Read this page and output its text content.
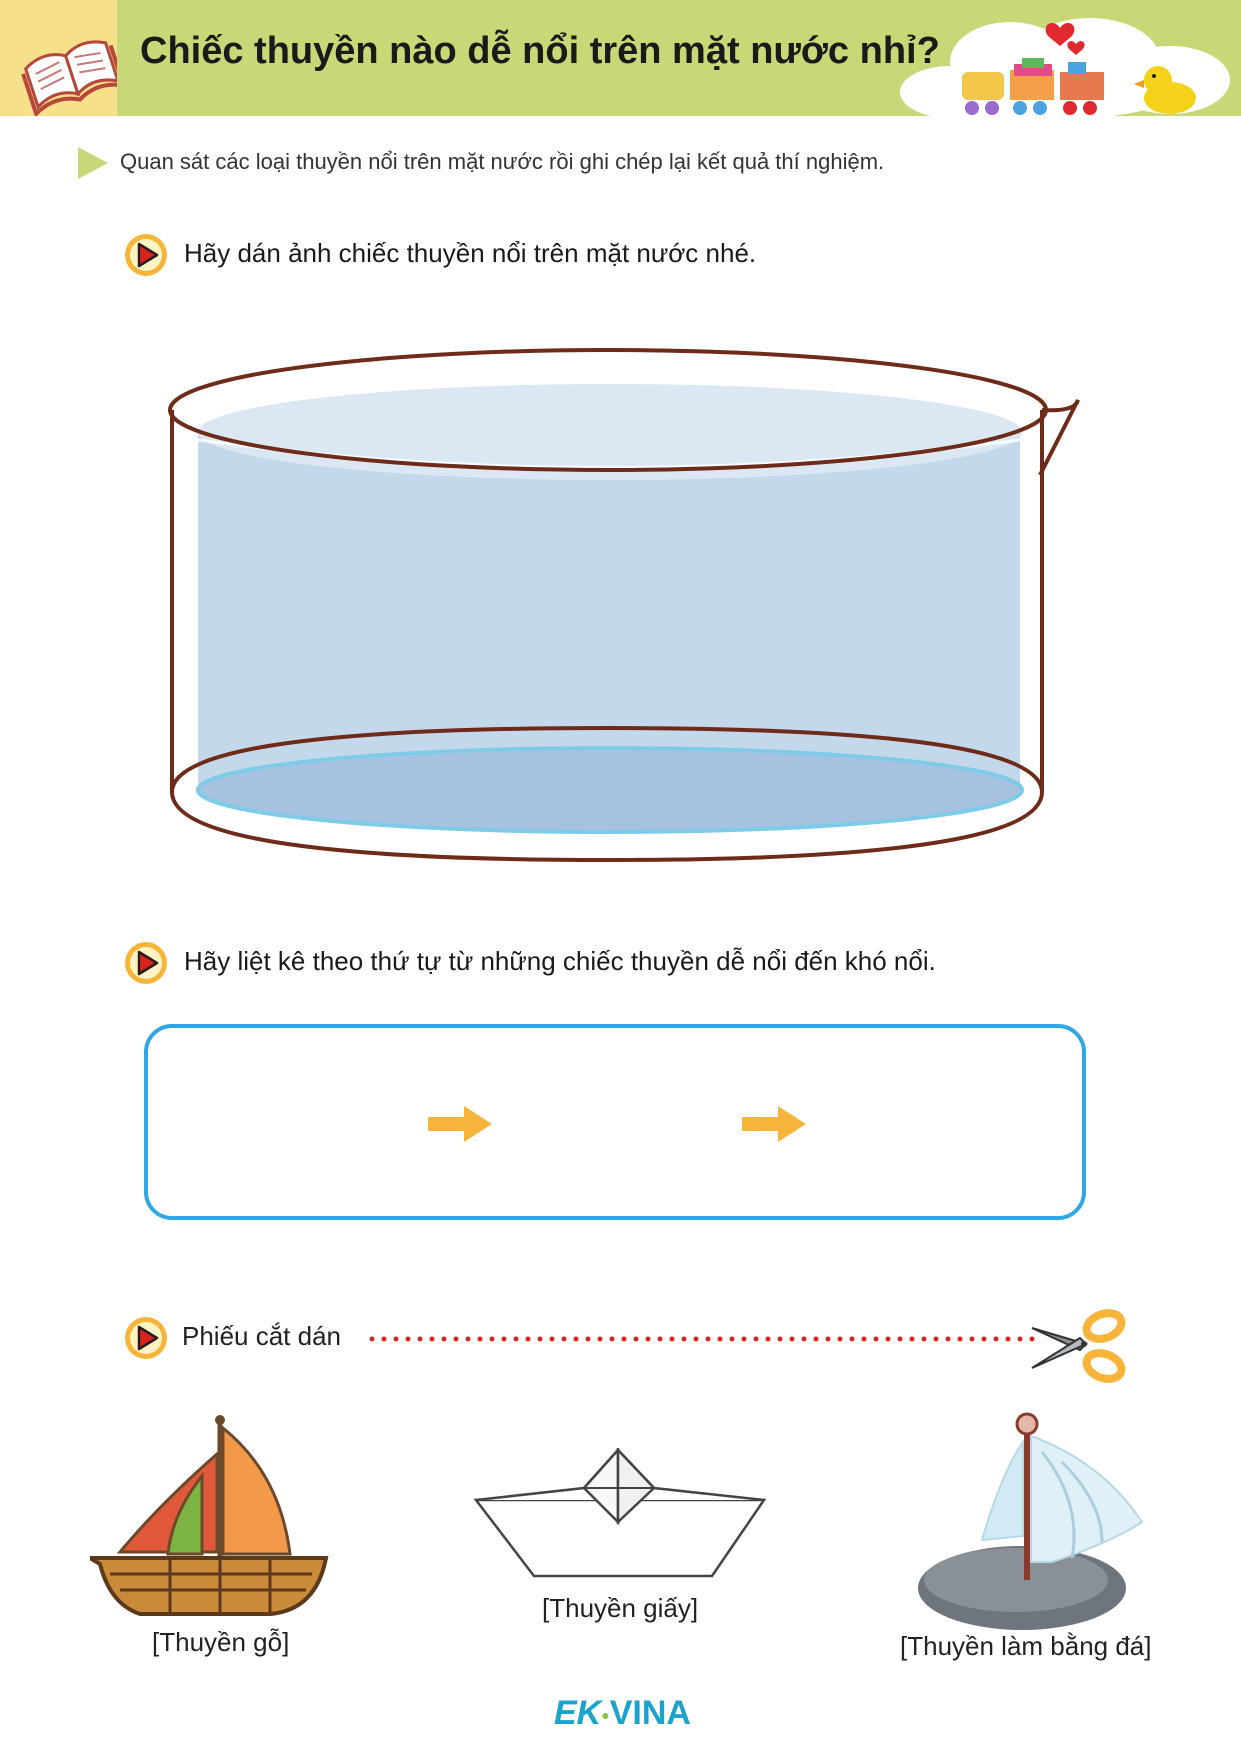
Chiếc thuyền nào dễ nổi trên mặt nước nhỉ?
Quan sát các loại thuyền nổi trên mặt nước rồi ghi chép lại kết quả thí nghiệm.
Hãy dán ảnh chiếc thuyền nổi trên mặt nước nhé.
Hãy liệt kê theo thứ tự từ những chiếc thuyền dễ nổi đến khó nổi.
Phiếu cắt dán
[Thuyền gỗ]
[Thuyền giấy]
[Thuyền làm bằng đá]
EK●VINA
